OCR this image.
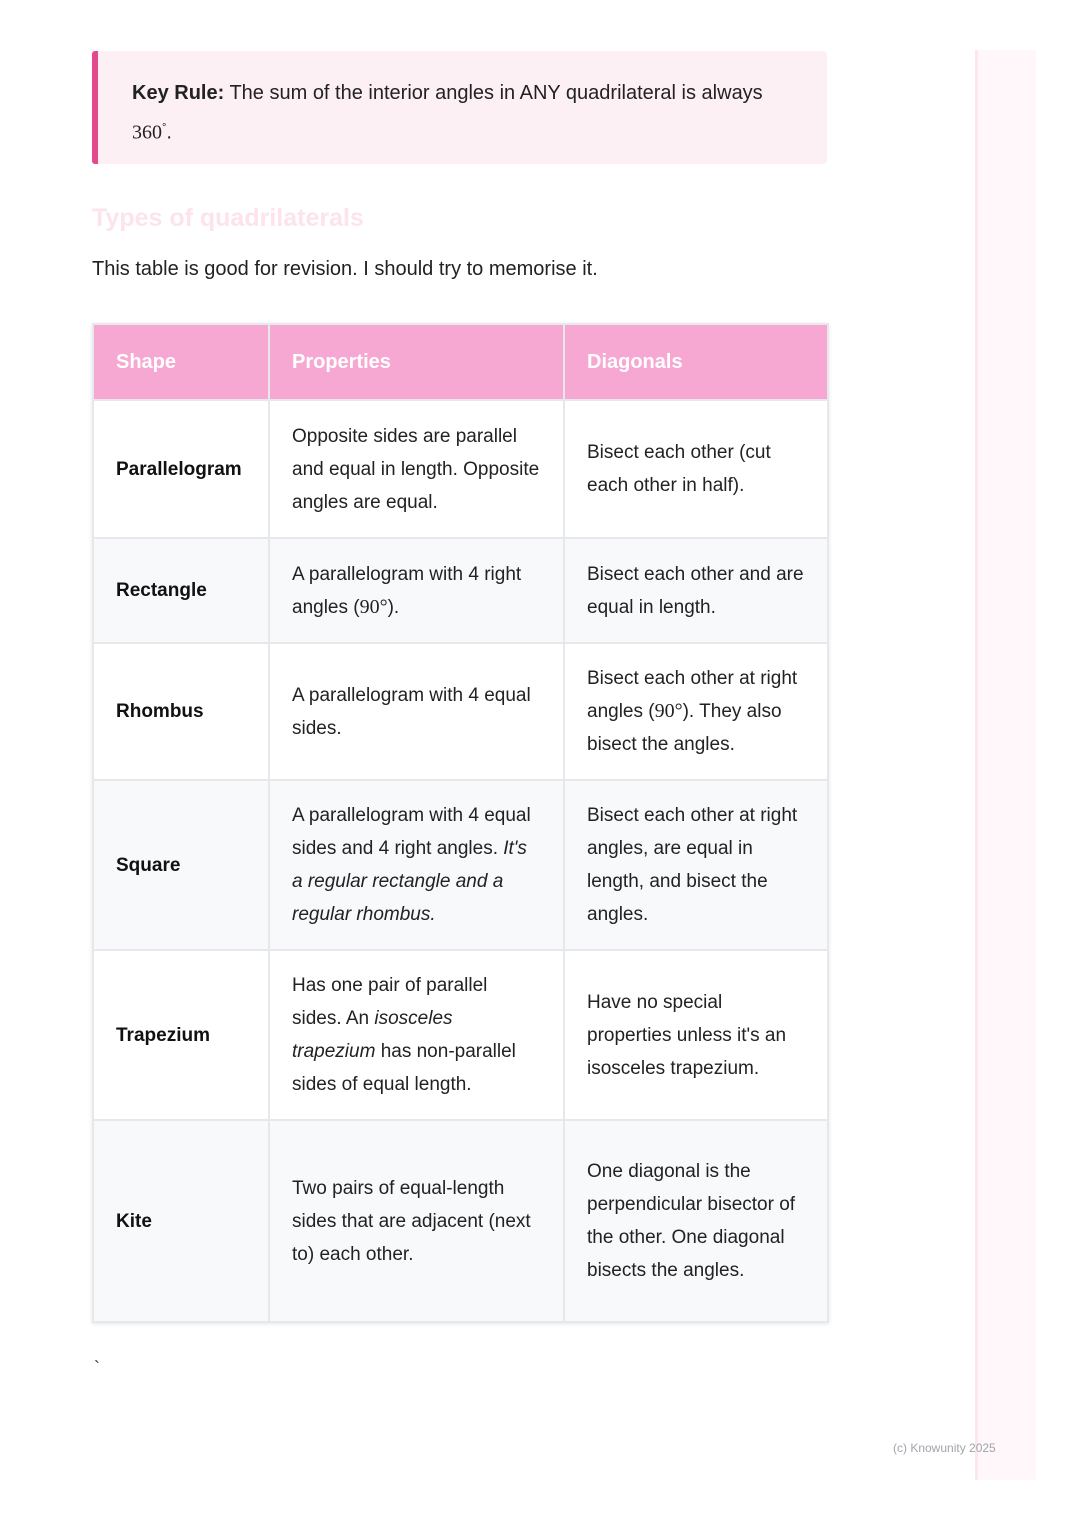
Key Rule: The sum of the interior angles in ANY quadrilateral is always
360°.
Types of quadrilaterals

This table is good for revision. I should try to memorise it.

Shape	Properties	Diagonals
Parallelogram	Opposite sides are parallel and equal in length. Opposite angles are equal.	Bisect each other (cut each other in half).
Rectangle	A parallelogram with 4 right angles (90°).	Bisect each other and are equal in length.
Rhombus	A parallelogram with 4 equal sides.	Bisect each other at right angles (90°). They also bisect the angles.
Square	A parallelogram with 4 equal sides and 4 right angles. It's a regular rectangle and a regular rhombus.	Bisect each other at right angles, are equal in length, and bisect the angles.
Trapezium	Has one pair of parallel sides. An isosceles trapezium has non-parallel sides of equal length.	Have no special properties unless it's an isosceles trapezium.
Kite	Two pairs of equal-length sides that are adjacent (next to) each other.	One diagonal is the perpendicular bisector of the other. One diagonal bisects the angles.
`
(c) Knowunity 2025
